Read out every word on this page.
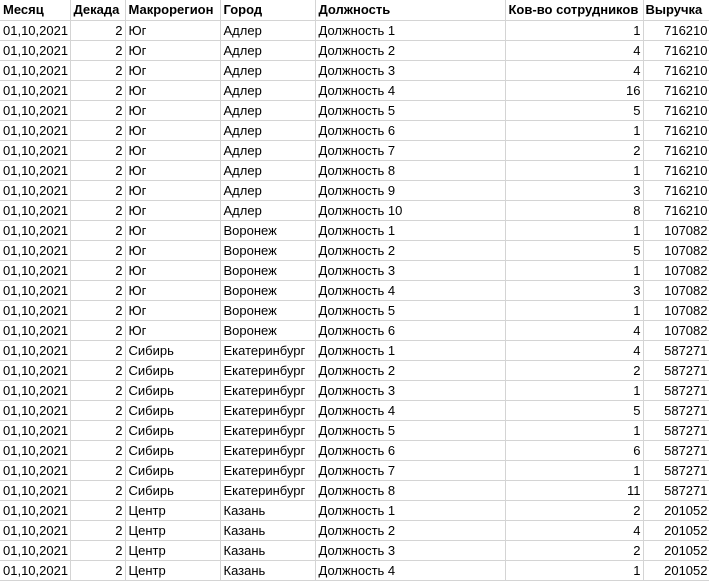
Месяц	Декада	Макрорегион	Город	Должность	Ков-во сотрудников	Выручка
01,10,2021	2	Юг	Адлер	Должность 1	1	716210
01,10,2021	2	Юг	Адлер	Должность 2	4	716210
01,10,2021	2	Юг	Адлер	Должность 3	4	716210
01,10,2021	2	Юг	Адлер	Должность 4	16	716210
01,10,2021	2	Юг	Адлер	Должность 5	5	716210
01,10,2021	2	Юг	Адлер	Должность 6	1	716210
01,10,2021	2	Юг	Адлер	Должность 7	2	716210
01,10,2021	2	Юг	Адлер	Должность 8	1	716210
01,10,2021	2	Юг	Адлер	Должность 9	3	716210
01,10,2021	2	Юг	Адлер	Должность 10	8	716210
01,10,2021	2	Юг	Воронеж	Должность 1	1	107082
01,10,2021	2	Юг	Воронеж	Должность 2	5	107082
01,10,2021	2	Юг	Воронеж	Должность 3	1	107082
01,10,2021	2	Юг	Воронеж	Должность 4	3	107082
01,10,2021	2	Юг	Воронеж	Должность 5	1	107082
01,10,2021	2	Юг	Воронеж	Должность 6	4	107082
01,10,2021	2	Сибирь	Екатеринбург	Должность 1	4	587271
01,10,2021	2	Сибирь	Екатеринбург	Должность 2	2	587271
01,10,2021	2	Сибирь	Екатеринбург	Должность 3	1	587271
01,10,2021	2	Сибирь	Екатеринбург	Должность 4	5	587271
01,10,2021	2	Сибирь	Екатеринбург	Должность 5	1	587271
01,10,2021	2	Сибирь	Екатеринбург	Должность 6	6	587271
01,10,2021	2	Сибирь	Екатеринбург	Должность 7	1	587271
01,10,2021	2	Сибирь	Екатеринбург	Должность 8	11	587271
01,10,2021	2	Центр	Казань	Должность 1	2	201052
01,10,2021	2	Центр	Казань	Должность 2	4	201052
01,10,2021	2	Центр	Казань	Должность 3	2	201052
01,10,2021	2	Центр	Казань	Должность 4	1	201052
